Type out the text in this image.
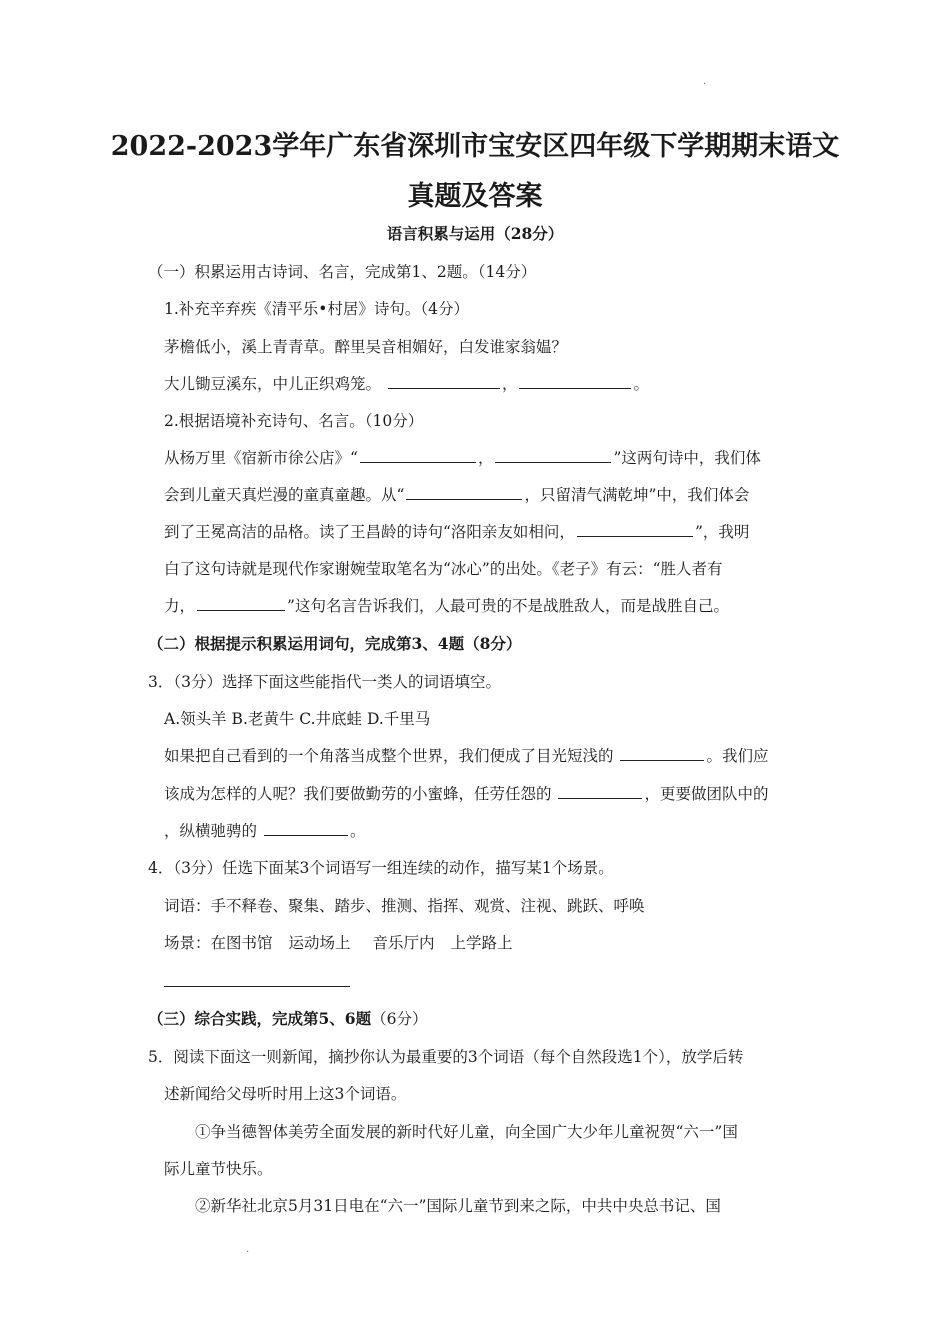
.
2022-2023学年广东省深圳市宝安区四年级下学期期末语文
真题及答案
语言积累与运用（28分）
（一）积累运用古诗词、名言，完成第1、2题。（14分）
1.补充辛弃疾《清平乐•村居》诗句。（4分）
茅檐低小，溪上青青草。醉里吴音相媚好，白发谁家翁媪？
大儿锄豆溪东，中儿正织鸡笼。	，	。
2.根据语境补充诗句、名言。（10分）
从杨万里《宿新市徐公店》“	，	”这两句诗中，我们体
会到儿童天真烂漫的童真童趣。从“	，只留清气满乾坤”中，我们体会
到了王冕高洁的品格。读了王昌龄的诗句“洛阳亲友如相问，	”，我明
白了这句诗就是现代作家谢婉莹取笔名为“冰心”的出处。《老子》有云：“胜人者有
力，	”这句名言告诉我们，人最可贵的不是战胜敌人，而是战胜自己。
（二）根据提示积累运用词句，完成第3、4题（8分）
3．（3分）选择下面这些能指代一类人的词语填空。
A.领头羊 B.老黄牛 C.井底蛙 D.千里马
如果把自己看到的一个角落当成整个世界，我们便成了目光短浅的	。我们应
该成为怎样的人呢？我们要做勤劳的小蜜蜂，任劳任怨的	，更要做团队中的
，纵横驰骋的	。
4．（3分）任选下面某3个词语写一组连续的动作，描写某1个场景。
词语：手不释卷、聚集、踏步、推测、指挥、观赏、注视、跳跃、呼唤
场景：在图书馆 运动场上 音乐厅内 上学路上
（三）综合实践，完成第5、6题（6分）
5．阅读下面这一则新闻，摘抄你认为最重要的3个词语（每个自然段选1个），放学后转
述新闻给父母听时用上这3个词语。
①争当德智体美劳全面发展的新时代好儿童，向全国广大少年儿童祝贺“六一”国
际儿童节快乐。
②新华社北京5月31日电在“六一”国际儿童节到来之际，中共中央总书记、国
.
